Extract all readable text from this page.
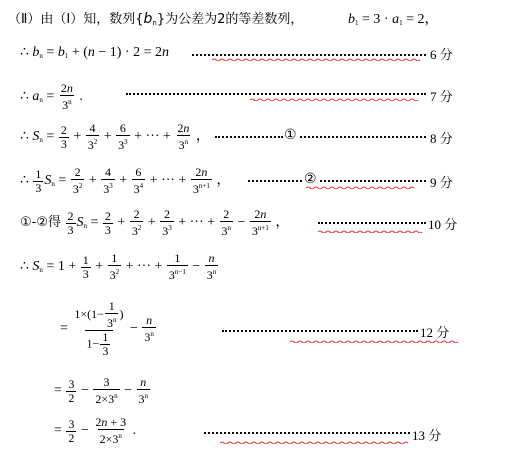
（Ⅱ）由（Ⅰ）知，数列$\{b_n\}$为公差为2的等差数列，	$b_1 = 3 \cdot a_1 = 2$，
∴ $b_n = b_1 + (n - 1) \cdot 2 = 2n$	6 分
∴ $a_n = \frac{2n}{3^n}$ .	7 分
∴ $S_n = \frac{2}{3} + \frac{4}{3^2} + \frac{6}{3^3}$ + ··· + $\frac{2n}{3^n}$ ，	①	8 分
∴ $\frac{1}{3} S_n = \frac{2}{3^2} + \frac{4}{3^3} + \frac{6}{3^4}$ + ··· + $\frac{2n}{3^{n+1}}$ ，	②	9 分
①-②得 $\frac{2}{3} S_n = \frac{2}{3} + \frac{2}{3^2} + \frac{2}{3^3}$ + ··· + $\frac{2}{3^n} - \frac{2n}{3^{n+1}}$ ，	10 分
∴ $S_n = 1 + \frac{1}{3} + \frac{1}{3^2}$ + ··· + $\frac{1}{3^{n-1}} - \frac{n}{3^n}$
= $\frac{1\times(1- \frac{1}{3^n} )}{1- \frac{1}{3}} - \frac{n}{3^n}$	12 分
= $\frac{3}{2} - \frac{3}{2\times 3^n} - \frac{n}{3^n}$
= $\frac{3}{2} - \frac{2n + 3}{2\times 3^n}$ .	13 分
